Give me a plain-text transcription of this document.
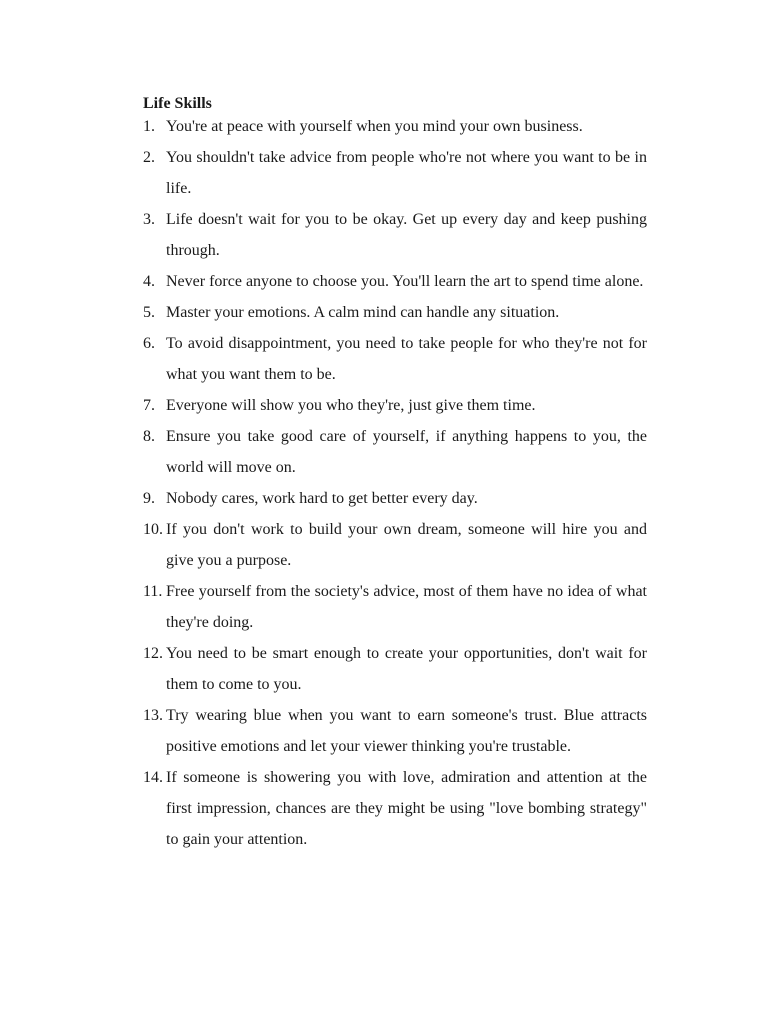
Life Skills
1. You're at peace with yourself when you mind your own business.
2. You shouldn't take advice from people who're not where you want to be in life.
3. Life doesn't wait for you to be okay. Get up every day and keep pushing through.
4. Never force anyone to choose you. You'll learn the art to spend time alone.
5. Master your emotions. A calm mind can handle any situation.
6. To avoid disappointment, you need to take people for who they're not for what you want them to be.
7. Everyone will show you who they're, just give them time.
8. Ensure you take good care of yourself, if anything happens to you, the world will move on.
9. Nobody cares, work hard to get better every day.
10. If you don't work to build your own dream, someone will hire you and give you a purpose.
11. Free yourself from the society's advice, most of them have no idea of what they're doing.
12. You need to be smart enough to create your opportunities, don't wait for them to come to you.
13. Try wearing blue when you want to earn someone's trust. Blue attracts positive emotions and let your viewer thinking you're trustable.
14. If someone is showering you with love, admiration and attention at the first impression, chances are they might be using "love bombing strategy" to gain your attention.
